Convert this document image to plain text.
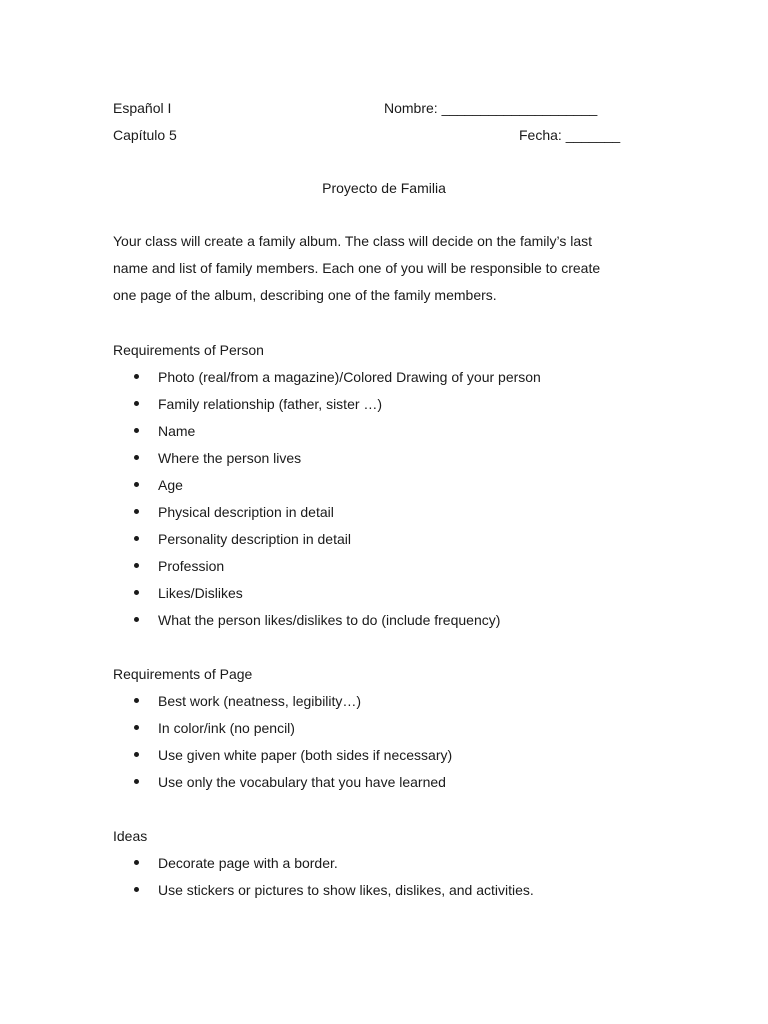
Español I	Nombre: ____________________
Capítulo 5	Fecha: _______
Proyecto de Familia

Your class will create a family album. The class will decide on the family’s last

name and list of family members. Each one of you will be responsible to create

one page of the album, describing one of the family members.

Requirements of Person
Photo (real/from a magazine)/Colored Drawing of your person
Family relationship (father, sister …)
Name
Where the person lives
Age
Physical description in detail
Personality description in detail
Profession
Likes/Dislikes
What the person likes/dislikes to do (include frequency)
Requirements of Page
Best work (neatness, legibility…)
In color/ink (no pencil)
Use given white paper (both sides if necessary)
Use only the vocabulary that you have learned
Ideas
Decorate page with a border.
Use stickers or pictures to show likes, dislikes, and activities.
